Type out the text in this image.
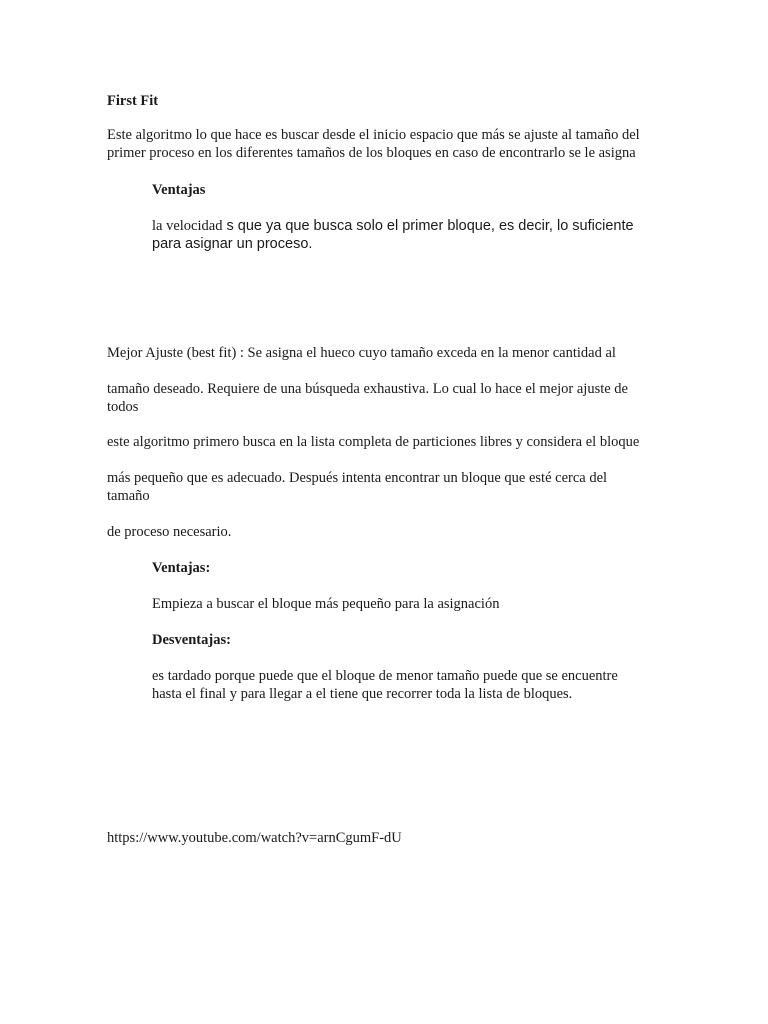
First Fit

Este algoritmo lo que hace es buscar desde el inicio espacio que más se ajuste al tamaño del

primer proceso en los diferentes tamaños de los bloques en caso de encontrarlo se le asigna

Ventajas

la velocidad s que ya que busca solo el primer bloque, es decir, lo suficiente

para asignar un proceso.

Mejor Ajuste (best fit) : Se asigna el hueco cuyo tamaño exceda en la menor cantidad al

tamaño deseado. Requiere de una búsqueda exhaustiva. Lo cual lo hace el mejor ajuste de

todos

este algoritmo primero busca en la lista completa de particiones libres y considera el bloque

más pequeño que es adecuado. Después intenta encontrar un bloque que esté cerca del

tamaño

de proceso necesario.

Ventajas:

Empieza a buscar el bloque más pequeño para la asignación

Desventajas:

es tardado porque puede que el bloque de menor tamaño puede que se encuentre

hasta el final y para llegar a el tiene que recorrer toda la lista de bloques.

https://www.youtube.com/watch?v=arnCgumF-dU
